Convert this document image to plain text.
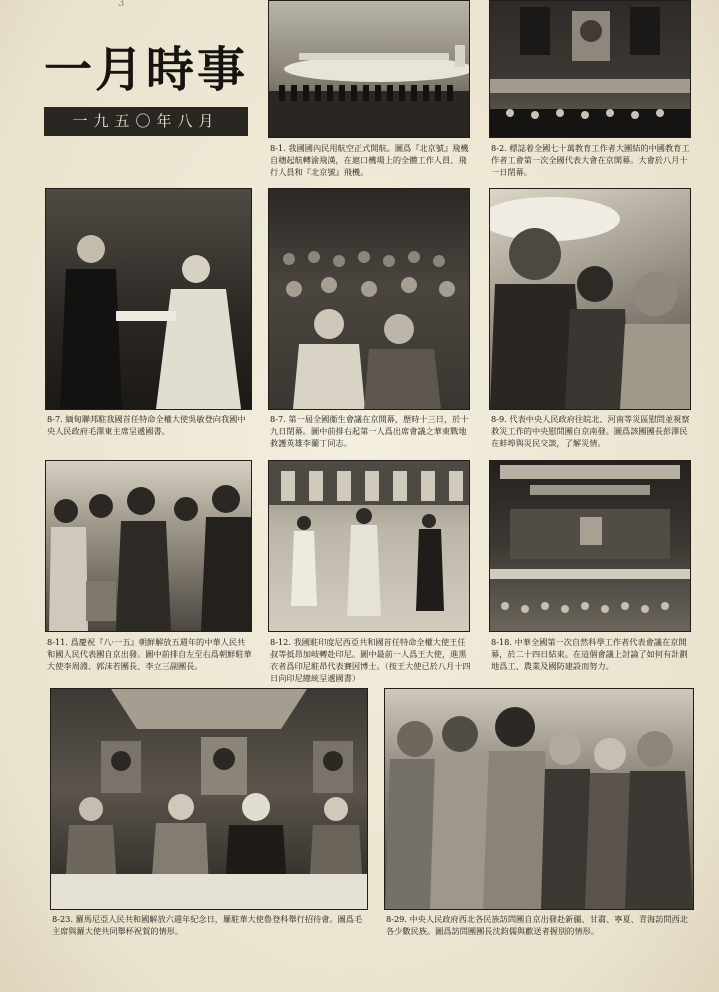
3
一月時事
一九五〇年八月
8-1. 我國國內民用航空正式開航。圖爲『北京號』飛機自穗起航轉渝飛漢，在滬口機場上的全體工作人員、飛行人員和『北京號』飛機。
8-2. 標誌着全國七十萬教育工作者大團結的中國教育工作者工會第一次全國代表大會在京開幕。大會於八月十一日閉幕。
8-7. 緬甸聯邦駐我國首任特命全權大使吳敏登向我國中央人民政府毛澤東主席呈遞國書。
8-7. 第一屆全國衞生會議在京開幕，歷時十三日，於十九日閉幕。圖中前排右起第一人爲出席會議之華東戰地救護英雄李蘭丁同志。
8-9. 代表中央人民政府往皖北、河南等災區慰問並視察救災工作的中央慰問團自京南發。圖爲該團團長彭澤民在蚌埠與災民交談，了解災情。
8-11. 爲慶祝『八·一五』朝鮮解放五週年的中華人民共和國人民代表團自京出發。圖中前排自左至右爲朝鮮駐華大使李周淵、郭沫若團長、李立三副團長。
8-12. 我國駐印度尼西亞共和國首任特命全權大使王任叔等抵昂加岐轉赴印尼。圖中最前一人爲王大使，進黑衣者爲印尼駐昂代表賽因博士。（按王大使已於八月十四日向印尼總統呈遞國書）
8-18. 中華全國第一次自然科學工作者代表會議在京開幕，於二十四日結束。在這個會議上討論了如何有計劃地爲工、農業及國防建設而努力。
8-23. 羅馬尼亞人民共和國解放六週年紀念日，羅駐華大使魯登科舉行招待會。圖爲毛主席與羅大使共同舉杯祝賀的情形。
8-29. 中央人民政府西北各民族訪問團自京出發赴新疆、甘肅、寧夏、青海訪問西北各少數民族。圖爲訪問團團長沈鈞儒與歡送者握別的情形。
